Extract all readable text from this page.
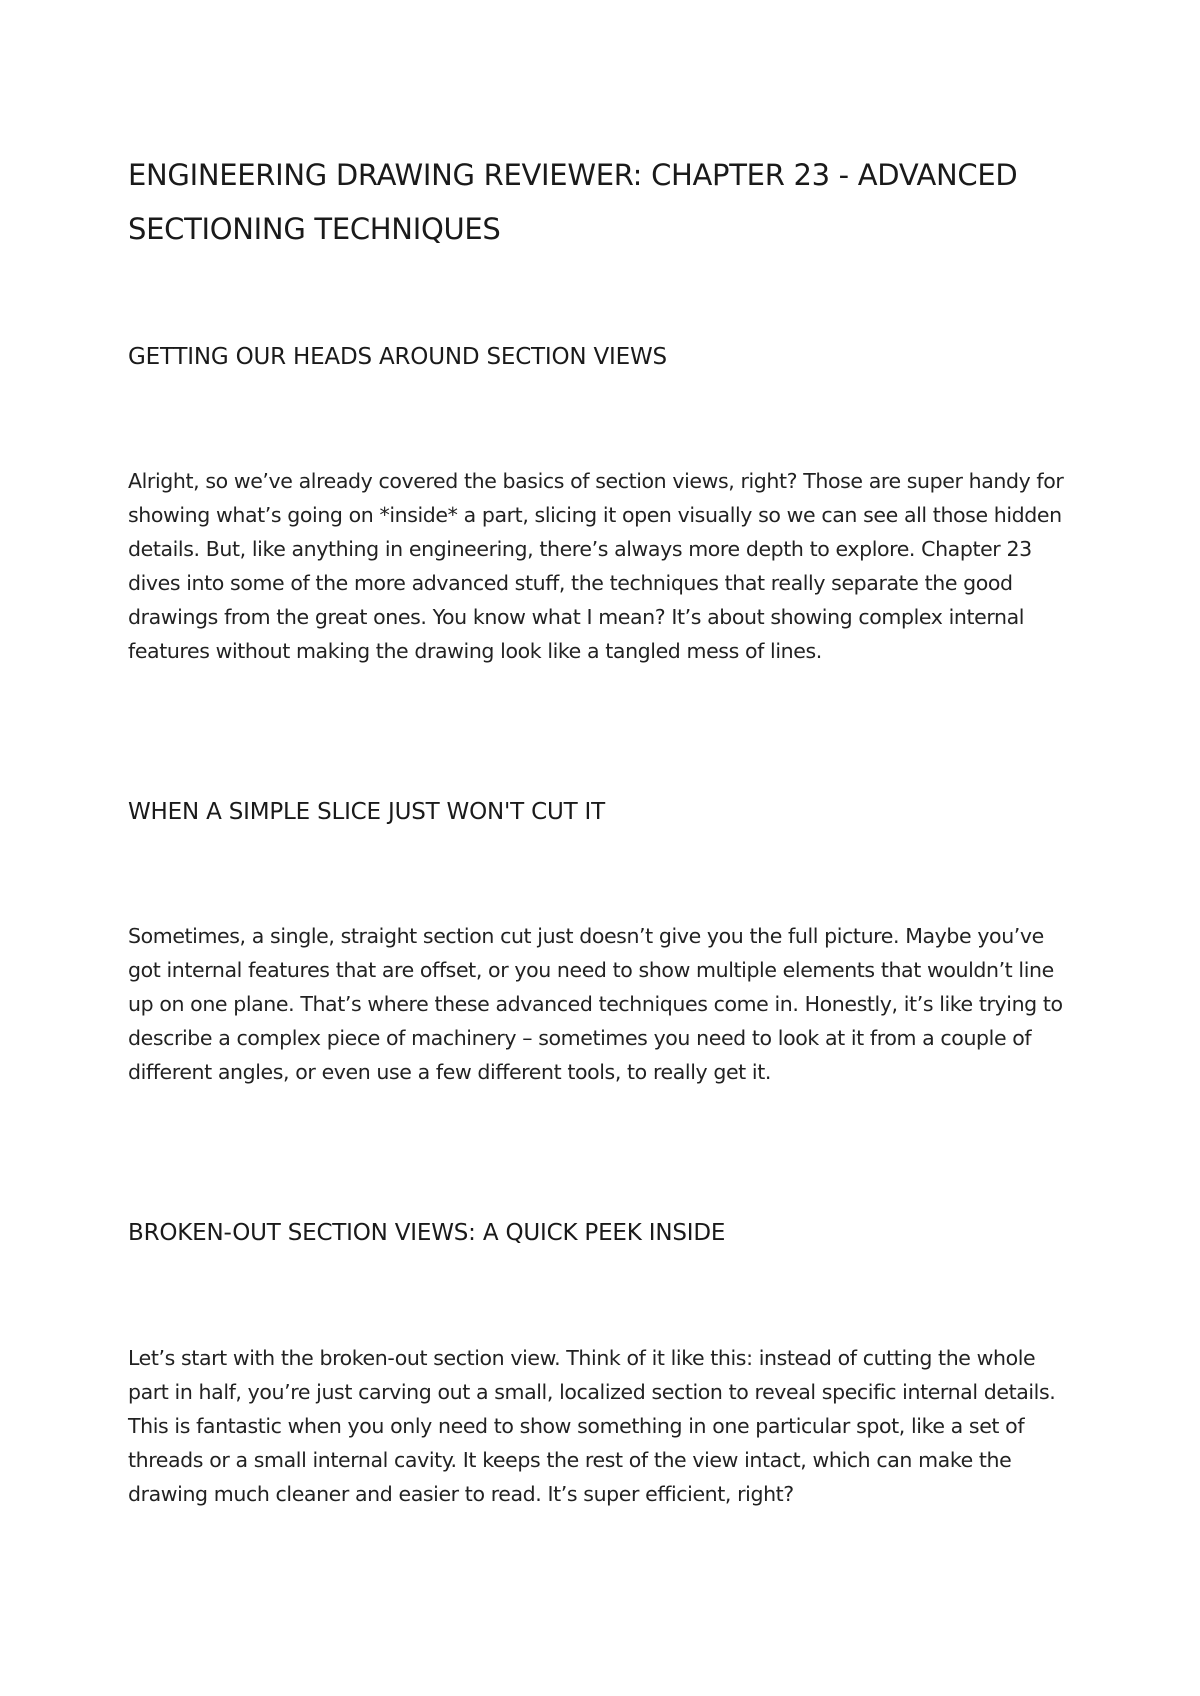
ENGINEERING DRAWING REVIEWER: CHAPTER 23 - ADVANCED SECTIONING TECHNIQUES
GETTING OUR HEADS AROUND SECTION VIEWS

Alright, so we’ve already covered the basics of section views, right? Those are super handy for showing what’s going on *inside* a part, slicing it open visually so we can see all those hidden details. But, like anything in engineering, there’s always more depth to explore. Chapter 23 dives into some of the more advanced stuff, the techniques that really separate the good drawings from the great ones. You know what I mean? It’s about showing complex internal features without making the drawing look like a tangled mess of lines.

WHEN A SIMPLE SLICE JUST WON'T CUT IT

Sometimes, a single, straight section cut just doesn’t give you the full picture. Maybe you’ve got internal features that are offset, or you need to show multiple elements that wouldn’t line up on one plane. That’s where these advanced techniques come in. Honestly, it’s like trying to describe a complex piece of machinery – sometimes you need to look at it from a couple of different angles, or even use a few different tools, to really get it.

BROKEN-OUT SECTION VIEWS: A QUICK PEEK INSIDE

Let’s start with the broken-out section view. Think of it like this: instead of cutting the whole part in half, you’re just carving out a small, localized section to reveal specific internal details. This is fantastic when you only need to show something in one particular spot, like a set of threads or a small internal cavity. It keeps the rest of the view intact, which can make the drawing much cleaner and easier to read. It’s super efficient, right?
